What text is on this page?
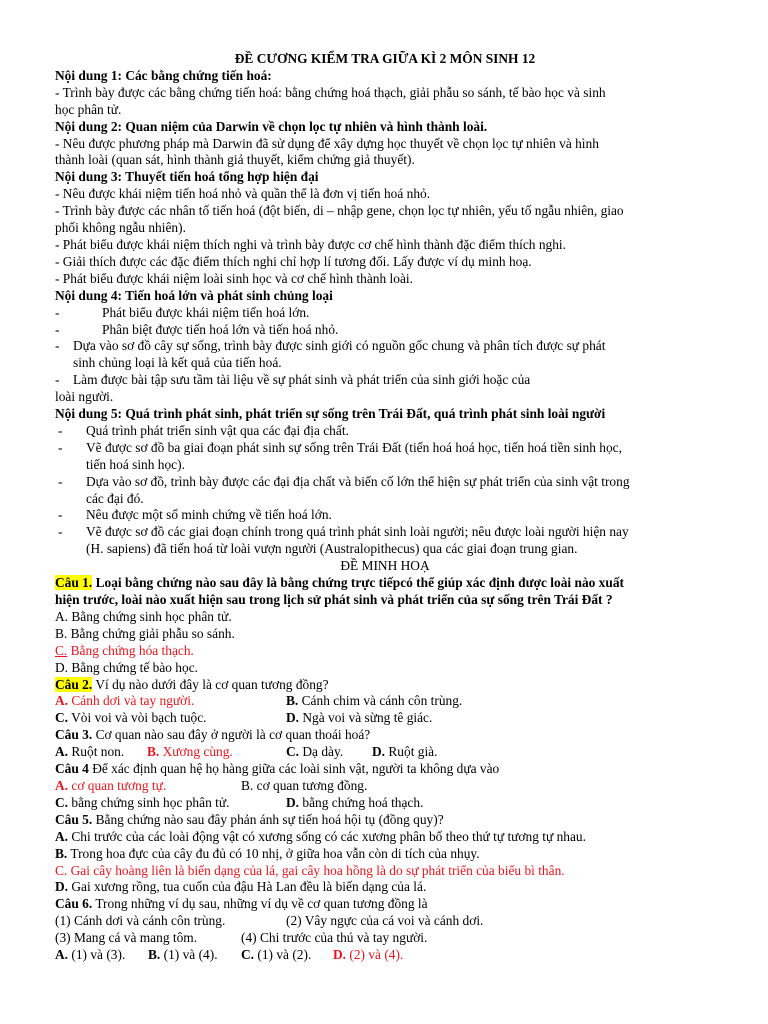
ĐỀ CƯƠNG KIỂM TRA GIỮA KÌ 2 MÔN SINH 12
Nội dung 1: Các bằng chứng tiến hoá:
- Trình bày được các bằng chứng tiến hoá: bằng chứng hoá thạch, giải phẫu so sánh, tế bào học và sinh
học phân tử.
Nội dung 2: Quan niệm của Darwin về chọn lọc tự nhiên và hình thành loài.
- Nêu được phương pháp mà Darwin đã sử dụng để xây dựng học thuyết về chọn lọc tự nhiên và hình
thành loài (quan sát, hình thành giả thuyết, kiểm chứng giả thuyết).
Nội dung 3: Thuyết tiến hoá tổng hợp hiện đại
- Nêu được khái niệm tiến hoá nhỏ và quần thể là đơn vị tiến hoá nhỏ.
- Trình bày được các nhân tố tiến hoá (đột biến, di – nhập gene, chọn lọc tự nhiên, yếu tố ngẫu nhiên, giao
phối không ngẫu nhiên).
- Phát biểu được khái niệm thích nghi và trình bày được cơ chế hình thành đặc điểm thích nghi.
- Giải thích được các đặc điểm thích nghi chỉ hợp lí tương đối. Lấy được ví dụ minh hoạ.
- Phát biểu được khái niệm loài sinh học và cơ chế hình thành loài.
Nội dung 4: Tiến hoá lớn và phát sinh chủng loại
-	Phát biểu được khái niệm tiến hoá lớn.
-	Phân biệt được tiến hoá lớn và tiến hoá nhỏ.
-	Dựa vào sơ đồ cây sự sống, trình bày được sinh giới có nguồn gốc chung và phân tích được sự phát
sinh chủng loại là kết quả của tiến hoá.
-	Làm được bài tập sưu tầm tài liệu về sự phát sinh và phát triển của sinh giới hoặc của
loài người.
Nội dung 5: Quá trình phát sinh, phát triển sự sống trên Trái Đất, quá trình phát sinh loài người
-	Quá trình phát triển sinh vật qua các đại địa chất.
-	Vẽ được sơ đồ ba giai đoạn phát sinh sự sống trên Trái Đất (tiến hoá hoá học, tiến hoá tiền sinh học,
tiến hoá sinh học).
-	Dựa vào sơ đồ, trình bày được các đại địa chất và biến cố lớn thể hiện sự phát triển của sinh vật trong
các đại đó.
-	Nêu được một số minh chứng về tiến hoá lớn.
-	Vẽ được sơ đồ các giai đoạn chính trong quá trình phát sinh loài người; nêu được loài người hiện nay
(H. sapiens) đã tiến hoá từ loài vượn người (Australopithecus) qua các giai đoạn trung gian.
ĐỀ MINH HOẠ
Câu 1. Loại bằng chứng nào sau đây là bằng chứng trực tiếpcó thể giúp xác định được loài nào xuất
hiện trước, loài nào xuất hiện sau trong lịch sử phát sinh và phát triển của sự sống trên Trái Đất ?
A. Bằng chứng sinh học phân tử.
B. Bằng chứng giải phẫu so sánh.
C. Bằng chứng hóa thạch.
D. Bằng chứng tế bào học.
Câu 2. Ví dụ nào dưới đây là cơ quan tương đồng?
A. Cánh dơi và tay người.	B. Cánh chim và cánh côn trùng.
C. Vòi voi và vòi bạch tuộc.	D. Ngà voi và sừng tê giác.
Câu 3. Cơ quan nào sau đây ở người là cơ quan thoái hoá?
A. Ruột non. B. Xương cùng.	C. Dạ dày. D. Ruột già.
Câu 4 Để xác định quan hệ họ hàng giữa các loài sinh vật, người ta không dựa vào
A. cơ quan tương tự.	B. cơ quan tương đồng.
C. bằng chứng sinh học phân tử.	D. bằng chứng hoá thạch.
Câu 5. Bằng chứng nào sau đây phản ánh sự tiến hoá hội tụ (đồng quy)?
A. Chi trước của các loài động vật có xương sống có các xương phân bố theo thứ tự tương tự nhau.
B. Trong hoa đực của cây đu đủ có 10 nhị, ở giữa hoa vẫn còn di tích của nhụy.
C. Gai cây hoàng liên là biến dạng của lá, gai cây hoa hồng là do sự phát triển của biểu bì thân.
D. Gai xương rồng, tua cuốn của đậu Hà Lan đều là biến dạng của lá.
Câu 6. Trong những ví dụ sau, những ví dụ về cơ quan tương đồng là
(1) Cánh dơi và cánh côn trùng.	(2) Vây ngực của cá voi và cánh dơi.
(3) Mang cá và mang tôm.	(4) Chi trước của thú và tay người.
A. (1) và (3). B. (1) và (4). C. (1) và (2). D. (2) và (4).
